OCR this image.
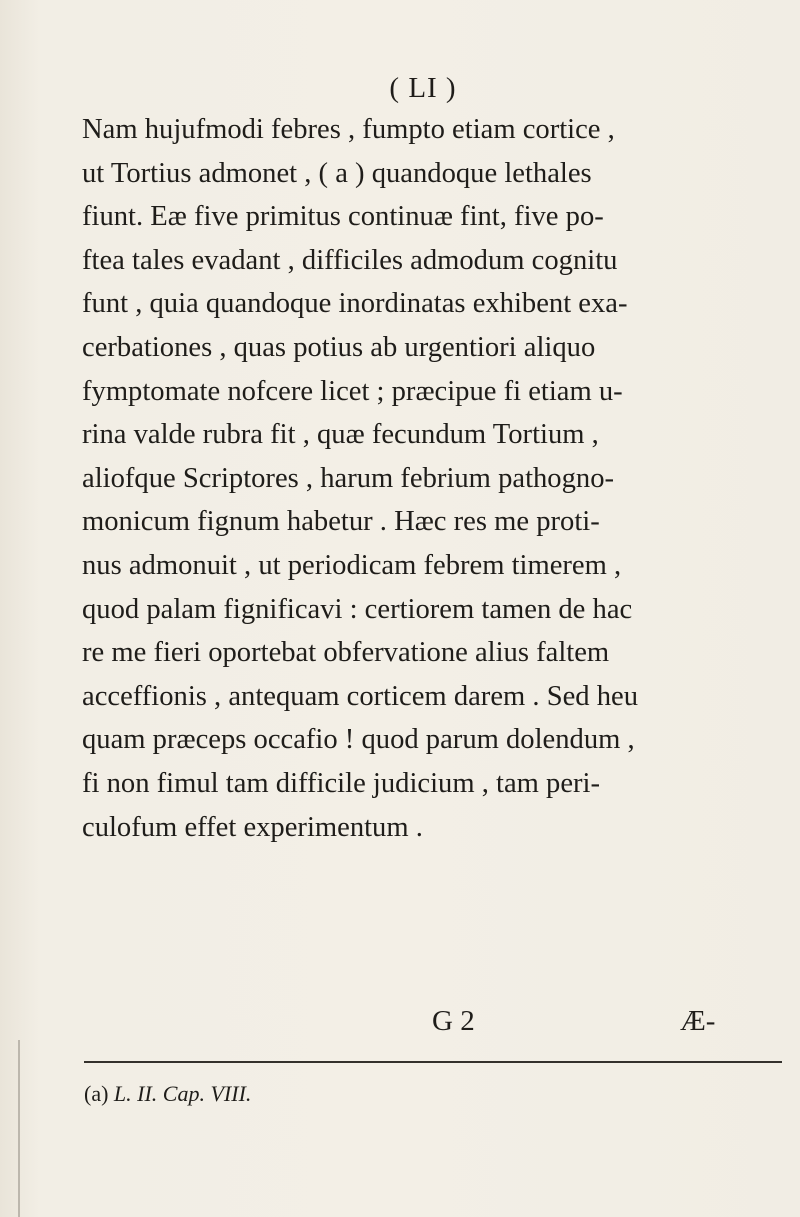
( LI )
Nam hujufmodi febres , fumpto etiam cortice ,
ut Tortius admonet , ( a ) quandoque lethales
fiunt. Eæ five primitus continuæ fint, five po-
ftea tales evadant , difficiles admodum cognitu
funt , quia quandoque inordinatas exhibent exa-
cerbationes , quas potius ab urgentiori aliquo
fymptomate nofcere licet ; præcipue fi etiam u-
rina valde rubra fit , quæ fecundum Tortium ,
aliofque Scriptores , harum febrium pathogno-
monicum fignum habetur . Hæc res me proti-
nus admonuit , ut periodicam febrem timerem ,
quod palam fignificavi : certiorem tamen de hac
re me fieri oportebat obfervatione alius faltem
acceffionis , antequam corticem darem . Sed heu
quam præceps occafio ! quod parum dolendum ,
fi non fimul tam difficile judicium , tam peri-
culofum effet experimentum .
G 2	Æ-
(a) L. II. Cap. VIII.
